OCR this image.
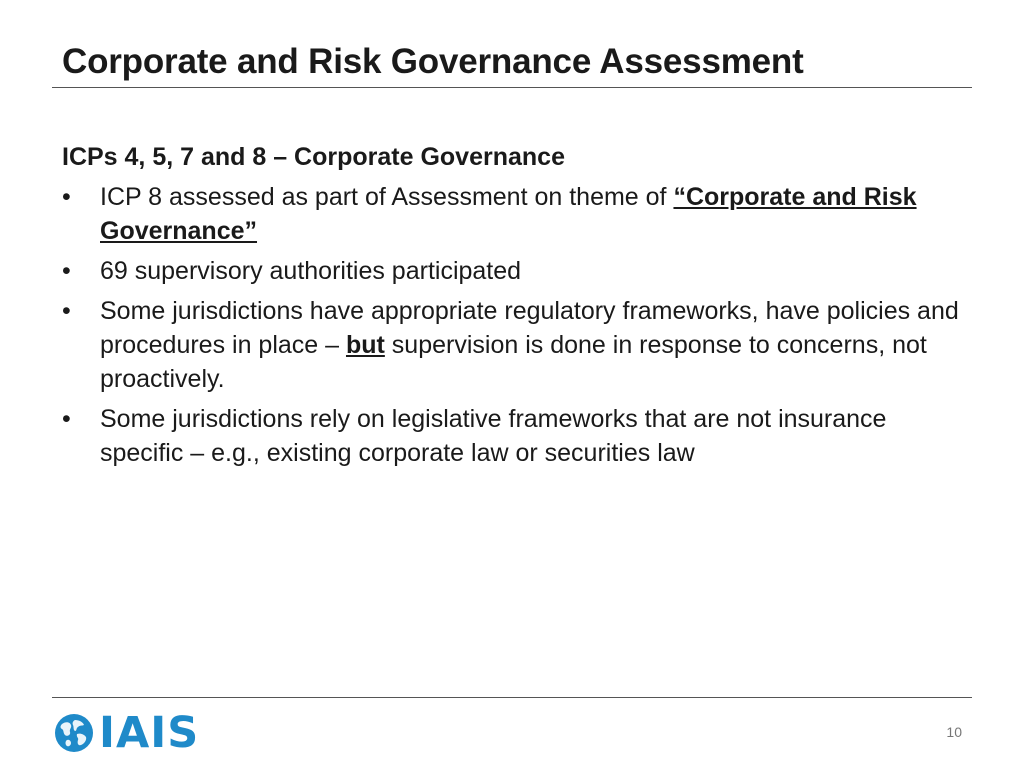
Corporate and Risk Governance Assessment

ICPs 4, 5, 7 and 8 – Corporate Governance

•	ICP 8 assessed as part of Assessment on theme of “Corporate and Risk Governance”
•	69 supervisory authorities participated
•	Some jurisdictions have appropriate regulatory frameworks, have policies and procedures in place – but supervision is done in response to concerns, not proactively.
•	Some jurisdictions rely on legislative frameworks that are not insurance specific – e.g., existing corporate law or securities law
IAIS	10
